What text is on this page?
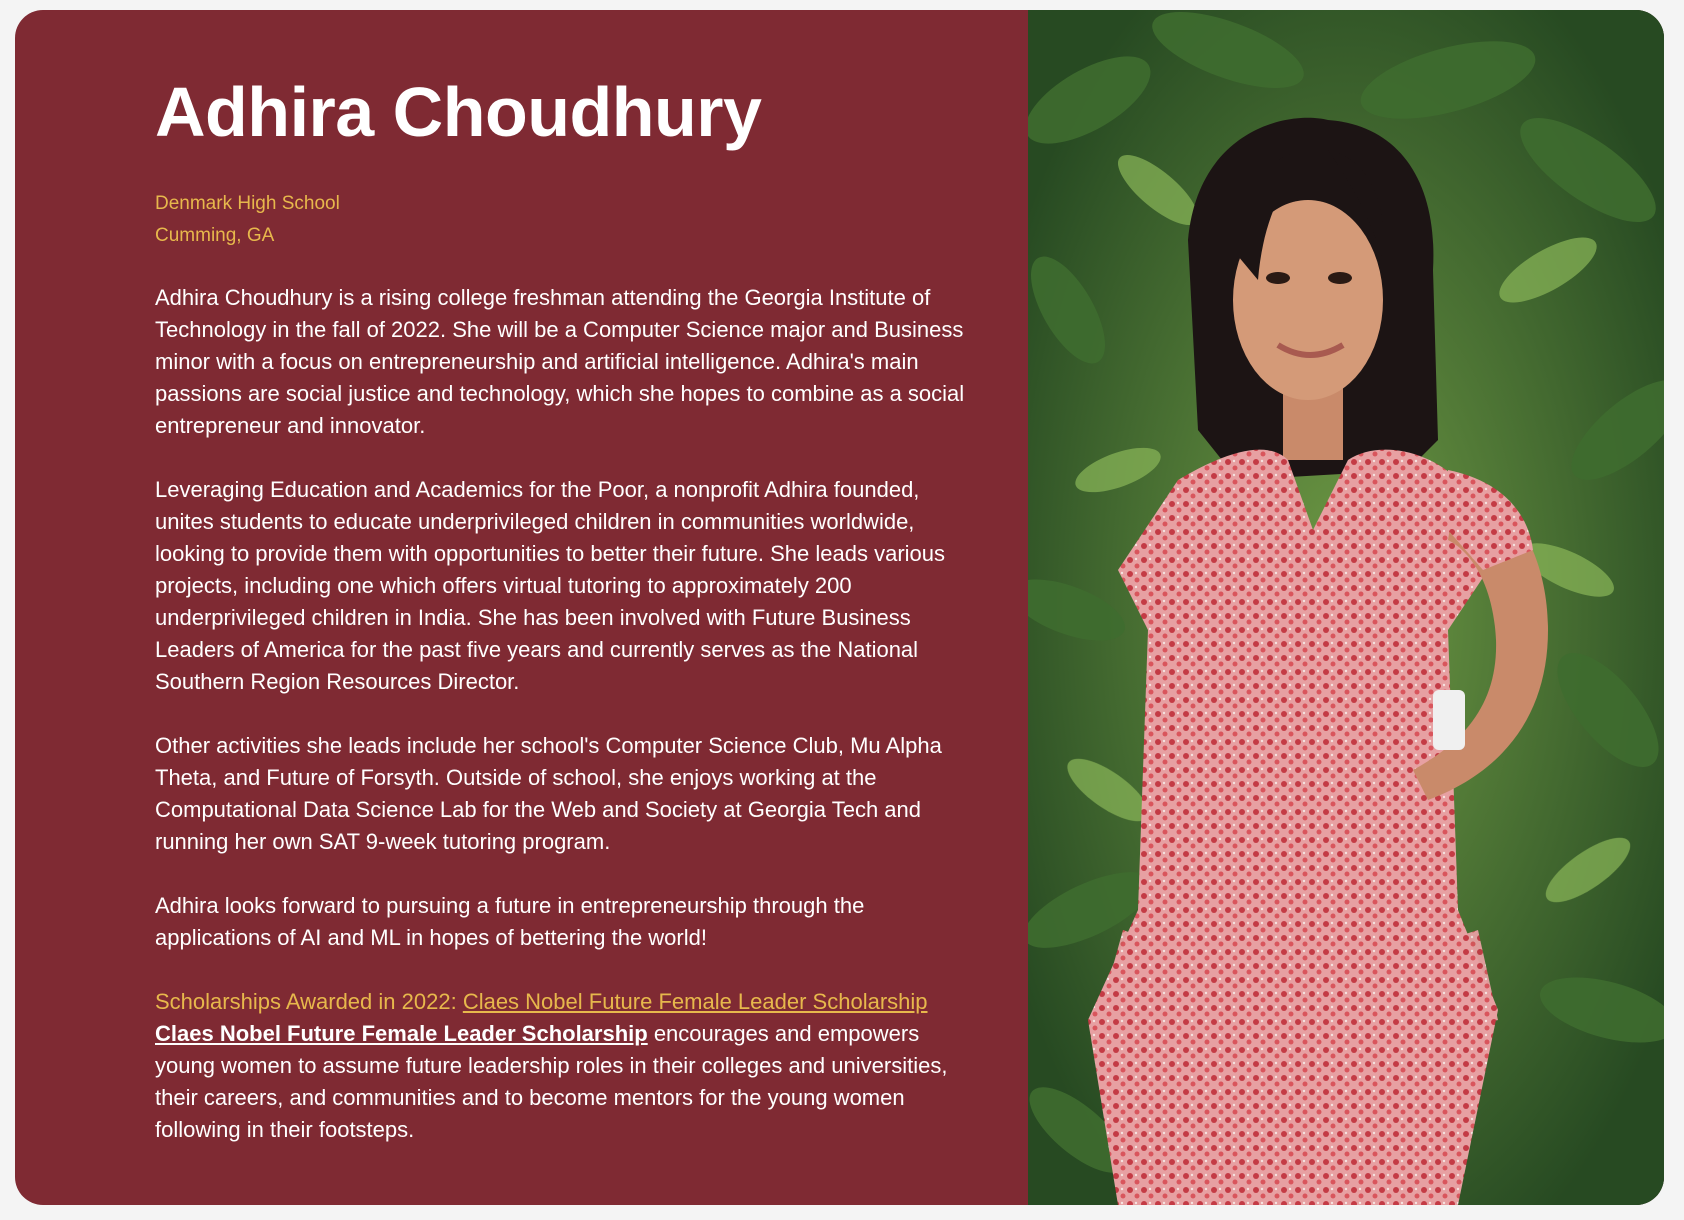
Adhira Choudhury
Denmark High School
Cumming, GA

Adhira Choudhury is a rising college freshman attending the Georgia Institute of Technology in the fall of 2022. She will be a Computer Science major and Business minor with a focus on entrepreneurship and artificial intelligence. Adhira's main passions are social justice and technology, which she hopes to combine as a social entrepreneur and innovator.

Leveraging Education and Academics for the Poor, a nonprofit Adhira founded, unites students to educate underprivileged children in communities worldwide, looking to provide them with opportunities to better their future. She leads various projects, including one which offers virtual tutoring to approximately 200 underprivileged children in India. She has been involved with Future Business Leaders of America for the past five years and currently serves as the National Southern Region Resources Director.

Other activities she leads include her school's Computer Science Club, Mu Alpha Theta, and Future of Forsyth. Outside of school, she enjoys working at the Computational Data Science Lab for the Web and Society at Georgia Tech and running her own SAT 9-week tutoring program.

Adhira looks forward to pursuing a future in entrepreneurship through the applications of AI and ML in hopes of bettering the world!

Scholarships Awarded in 2022: Claes Nobel Future Female Leader Scholarship
Claes Nobel Future Female Leader Scholarship encourages and empowers young women to assume future leadership roles in their colleges and universities, their careers, and communities and to become mentors for the young women following in their footsteps.
